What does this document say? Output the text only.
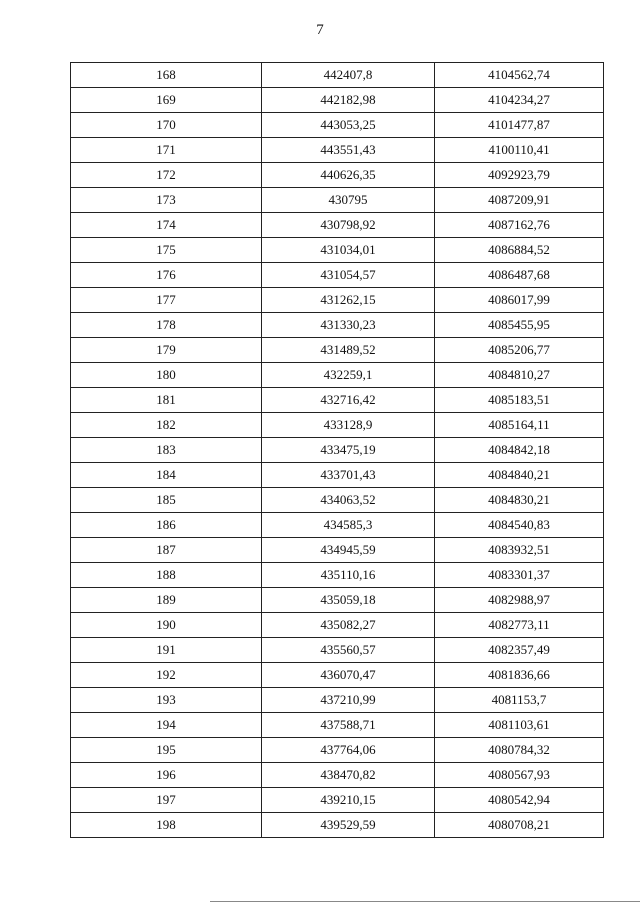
7
168	442407,8	4104562,74
169	442182,98	4104234,27
170	443053,25	4101477,87
171	443551,43	4100110,41
172	440626,35	4092923,79
173	430795	4087209,91
174	430798,92	4087162,76
175	431034,01	4086884,52
176	431054,57	4086487,68
177	431262,15	4086017,99
178	431330,23	4085455,95
179	431489,52	4085206,77
180	432259,1	4084810,27
181	432716,42	4085183,51
182	433128,9	4085164,11
183	433475,19	4084842,18
184	433701,43	4084840,21
185	434063,52	4084830,21
186	434585,3	4084540,83
187	434945,59	4083932,51
188	435110,16	4083301,37
189	435059,18	4082988,97
190	435082,27	4082773,11
191	435560,57	4082357,49
192	436070,47	4081836,66
193	437210,99	4081153,7
194	437588,71	4081103,61
195	437764,06	4080784,32
196	438470,82	4080567,93
197	439210,15	4080542,94
198	439529,59	4080708,21
